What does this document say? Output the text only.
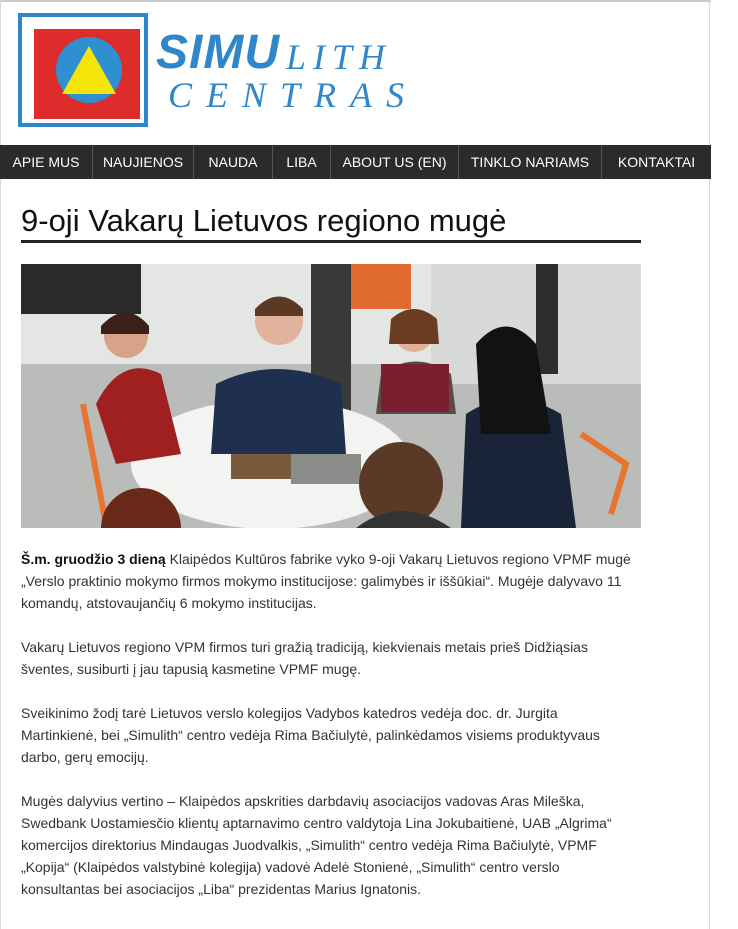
SIMU LITH
CENTRAS
APIE MUS	NAUJIENOS	NAUDA	LIBA	ABOUT US (EN)	TINKLO NARIAMS	KONTAKTAI
9-oji Vakarų Lietuvos regiono mugė

Š.m. gruodžio 3 dieną Klaipėdos Kultūros fabrike vyko 9-oji Vakarų Lietuvos regiono VPMF mugė „Verslo praktinio mokymo firmos mokymo institucijose: galimybės ir iššūkiai“. Mugėje dalyvavo 11 komandų, atstovaujančių 6 mokymo institucijas.

Vakarų Lietuvos regiono VPM firmos turi gražią tradiciją, kiekvienais metais prieš Didžiąsias šventes, susiburti į jau tapusią kasmetine VPMF mugę.

Sveikinimo žodį tarė Lietuvos verslo kolegijos Vadybos katedros vedėja doc. dr. Jurgita Martinkienė, bei „Simulith“ centro vedėja Rima Bačiulytė, palinkėdamos visiems produktyvaus darbo, gerų emocijų.

Mugės dalyvius vertino – Klaipėdos apskrities darbdavių asociacijos vadovas Aras Mileška, Swedbank Uostamiesčio klientų aptarnavimo centro valdytoja Lina Jokubaitienė, UAB „Algrima“ komercijos direktorius Mindaugas Juodvalkis, „Simulith“ centro vedėja Rima Bačiulytė, VPMF „Kopija“ (Klaipėdos valstybinė kolegija) vadovė Adelė Stonienė, „Simulith“ centro verslo konsultantas bei asociacijos „Liba“ prezidentas Marius Ignatonis.
